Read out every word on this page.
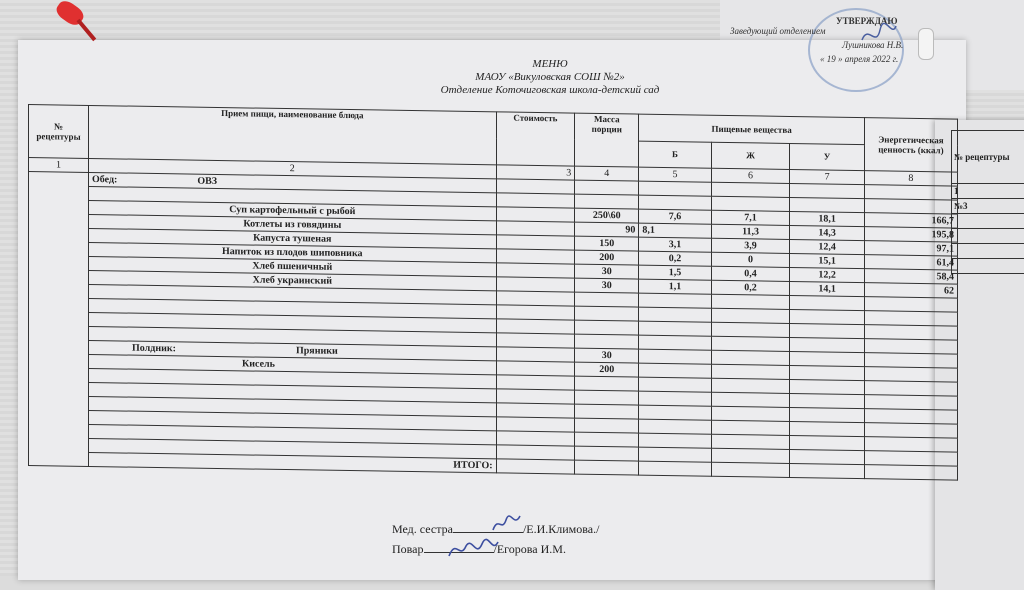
№ рецептуры
1
№3

Заведующий отделением
УТВЕРЖДАЮ
Лушникова Н.В.
« 19 » апреля 2022 г.
МЕНЮ
МАОУ «Викуловская СОШ №2»
Отделение Коточиговская школа-детский сад
№ рецептуры	Прием пищи, наименование блюда	Стоимость	Масса порции	Пищевые вещества			Энергетическая ценность (ккал)
				Б	Ж	У	
1	2	3	4	5	6	7	8
	Обед: ОВЗ						

	Суп картофельный с рыбой		250\60	7,6	7,1	18,1	166,7
	Котлеты из говядины		90	8,1	11,3	14,3	195,8
	Капуста тушеная		150	3,1	3,9	12,4	97,1
	Напиток из плодов шиповника		200	0,2	0	15,1	61,4
	Хлеб пшеничный		30	1,5	0,4	12,2	58,4
	Хлеб украинский		30	1,1	0,2	14,1	62

	Полдник: Пряники		30				
	Кисель		200				

	ИТОГО:						
Мед. сестра	/Е.И.Климова./
Повар	/Егорова И.М.
